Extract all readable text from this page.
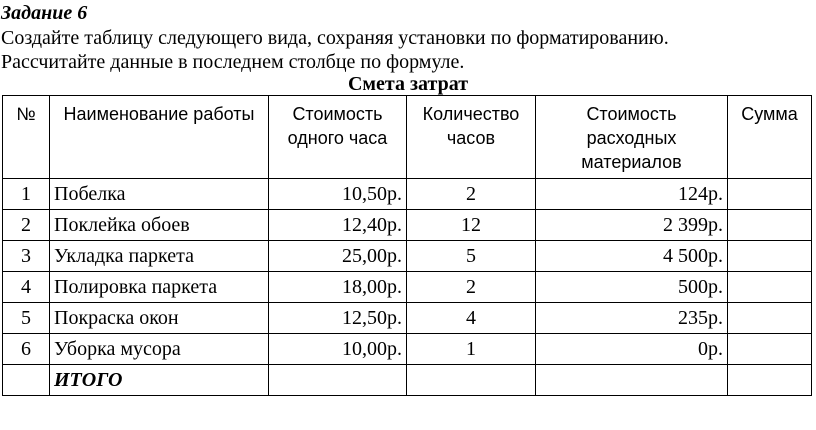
Задание 6
Создайте таблицу следующего вида, сохраняя установки по форматированию.
Рассчитайте данные в последнем столбце по формуле.
Смета затрат
№	Наименование работы	Стоимость одного часа	Количество часов	Стоимость расходных материалов	Сумма
1	Побелка	10,50р.	2	124р.	
2	Поклейка обоев	12,40р.	12	2 399р.	
3	Укладка паркета	25,00р.	5	4 500р.	
4	Полировка паркета	18,00р.	2	500р.	
5	Покраска окон	12,50р.	4	235р.	
6	Уборка мусора	10,00р.	1	0р.	
	ИТОГО				
